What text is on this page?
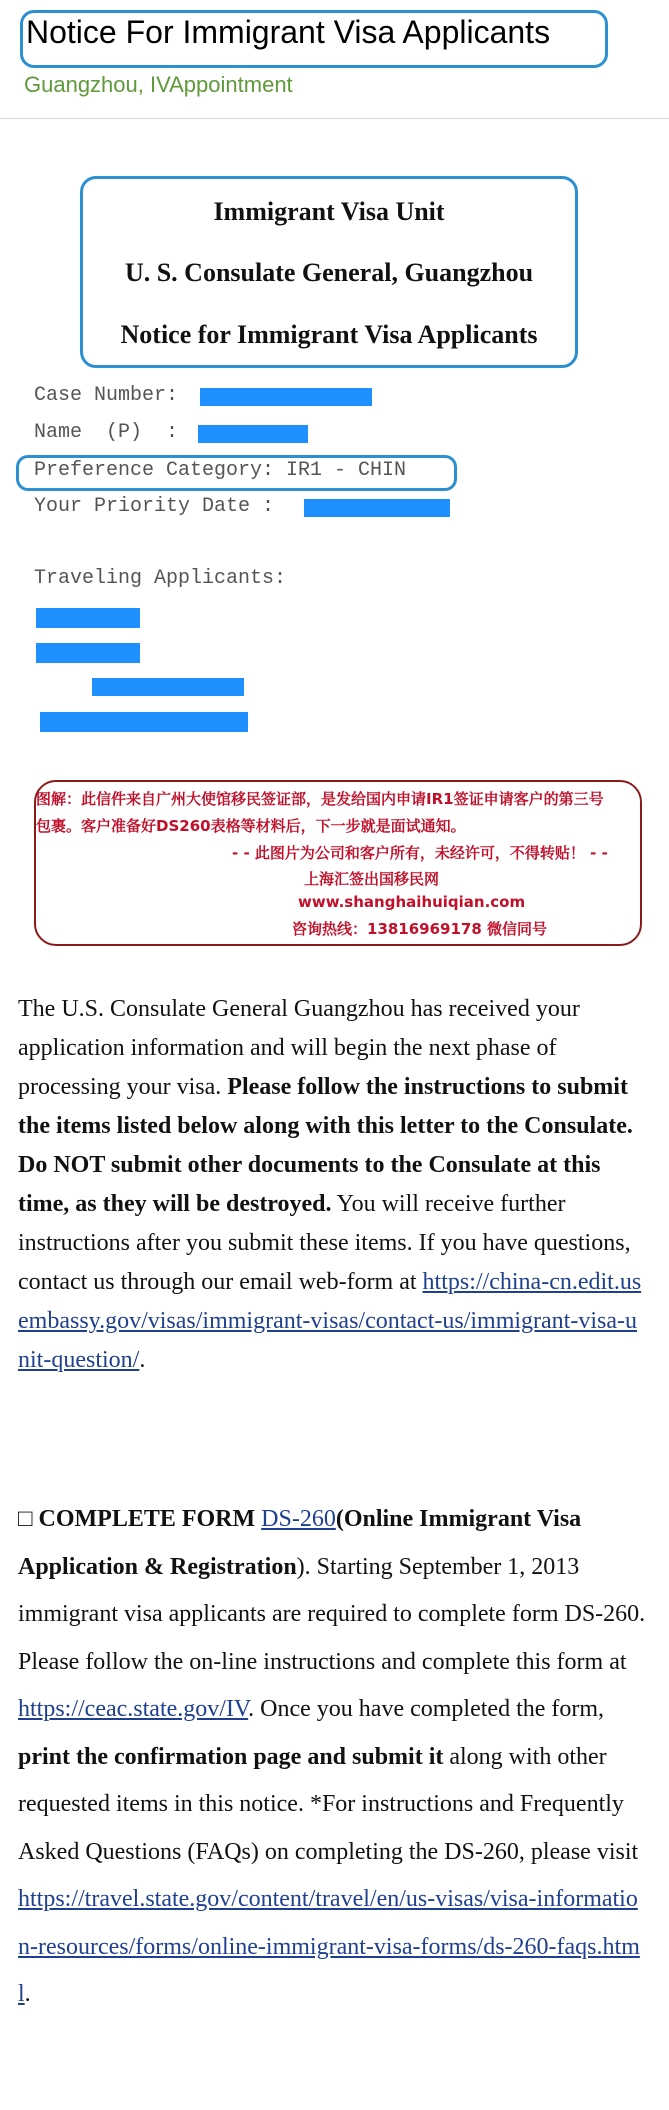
Notice For Immigrant Visa Applicants
Guangzhou, IVAppointment
Immigrant Visa Unit
U. S. Consulate General, Guangzhou
Notice for Immigrant Visa Applicants
Case Number:
Name  (P)  :
Preference Category: IR1 - CHIN
Your Priority Date :
Traveling Applicants:
图解：此信件来自广州大使馆移民签证部，是发给国内申请IR1签证申请客户的第三号
包裹。客户准备好DS260表格等材料后，下一步就是面试通知。
- - 此图片为公司和客户所有，未经许可，不得转贴！ - -
上海汇签出国移民网
www.shanghaihuiqian.com
咨询热线：13816969178 微信同号
The U.S. Consulate General Guangzhou has received your application information and will begin the next phase of processing your visa. Please follow the instructions to submit the items listed below along with this letter to the Consulate. Do NOT submit other documents to the Consulate at this time, as they will be destroyed. You will receive further instructions after you submit these items. If you have questions, contact us through our email web-form at https://china-cn.edit.usembassy.gov/visas/immigrant-visas/contact-us/immigrant-visa-unit-question/.
□ COMPLETE FORM DS-260(Online Immigrant Visa Application & Registration). Starting September 1, 2013 immigrant visa applicants are required to complete form DS-260. Please follow the on-line instructions and complete this form at https://ceac.state.gov/IV. Once you have completed the form, print the confirmation page and submit it along with other requested items in this notice. *For instructions and Frequently Asked Questions (FAQs) on completing the DS-260, please visit https://travel.state.gov/content/travel/en/us-visas/visa-information-resources/forms/online-immigrant-visa-forms/ds-260-faqs.html.
